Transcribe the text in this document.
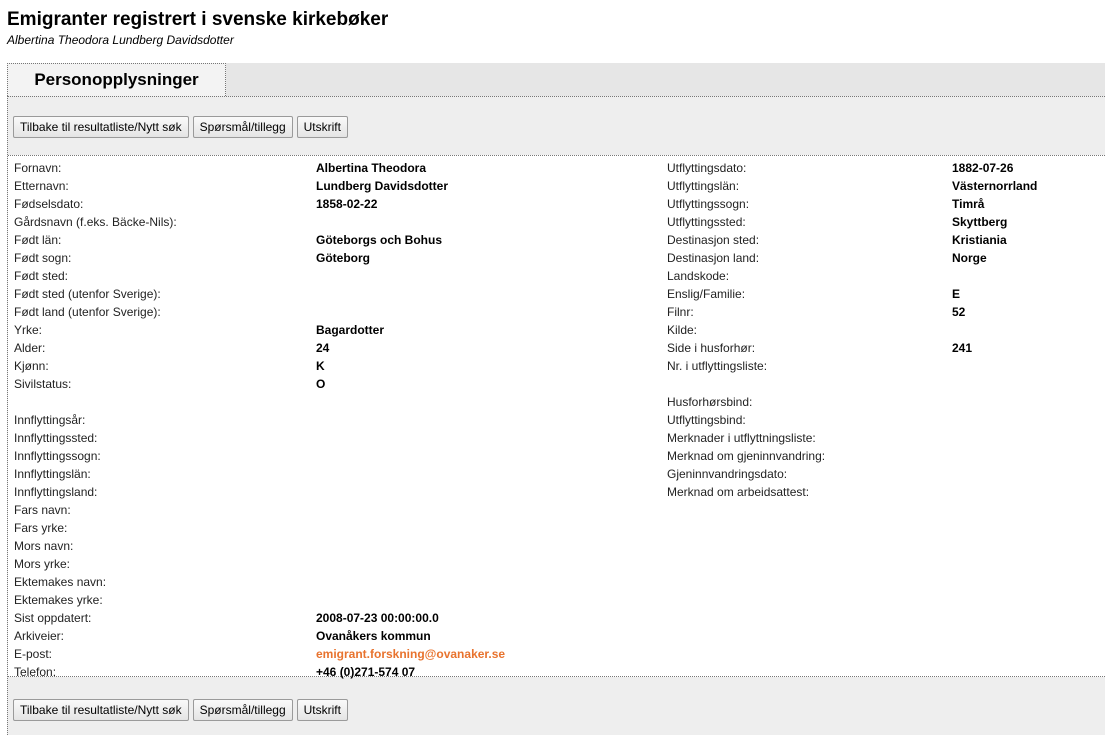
Emigranter registrert i svenske kirkebøker
Albertina Theodora Lundberg Davidsdotter
Personopplysninger
Tilbake til resultatliste/Nytt søk	Spørsmål/tillegg	Utskrift
Fornavn:	Albertina Theodora
Etternavn:	Lundberg Davidsdotter
Fødselsdato:	1858-02-22
Gårdsnavn (f.eks. Bäcke-Nils):
Født län:	Göteborgs och Bohus
Født sogn:	Göteborg
Født sted:
Født sted (utenfor Sverige):
Født land (utenfor Sverige):
Yrke:	Bagardotter
Alder:	24
Kjønn:	K
Sivilstatus:	O
Innflyttingsår:
Innflyttingssted:
Innflyttingssogn:
Innflyttingslän:
Innflyttingsland:
Fars navn:
Fars yrke:
Mors navn:
Mors yrke:
Ektemakes navn:
Ektemakes yrke:
Sist oppdatert:	2008-07-23 00:00:00.0
Arkiveier:	Ovanåkers kommun
E-post:	emigrant.forskning@ovanaker.se
Telefon:	+46 (0)271-574 07
Utflyttingsdato:	1882-07-26
Utflyttingslän:	Västernorrland
Utflyttingssogn:	Timrå
Utflyttingssted:	Skyttberg
Destinasjon sted:	Kristiania
Destinasjon land:	Norge
Landskode:
Enslig/Familie:	E
Filnr:	52
Kilde:
Side i husforhør:	241
Nr. i utflyttingsliste:
Husforhørsbind:
Utflyttingsbind:
Merknader i utflyttningsliste:
Merknad om gjeninnvandring:
Gjeninnvandringsdato:
Merknad om arbeidsattest:
Tilbake til resultatliste/Nytt søk	Spørsmål/tillegg	Utskrift
